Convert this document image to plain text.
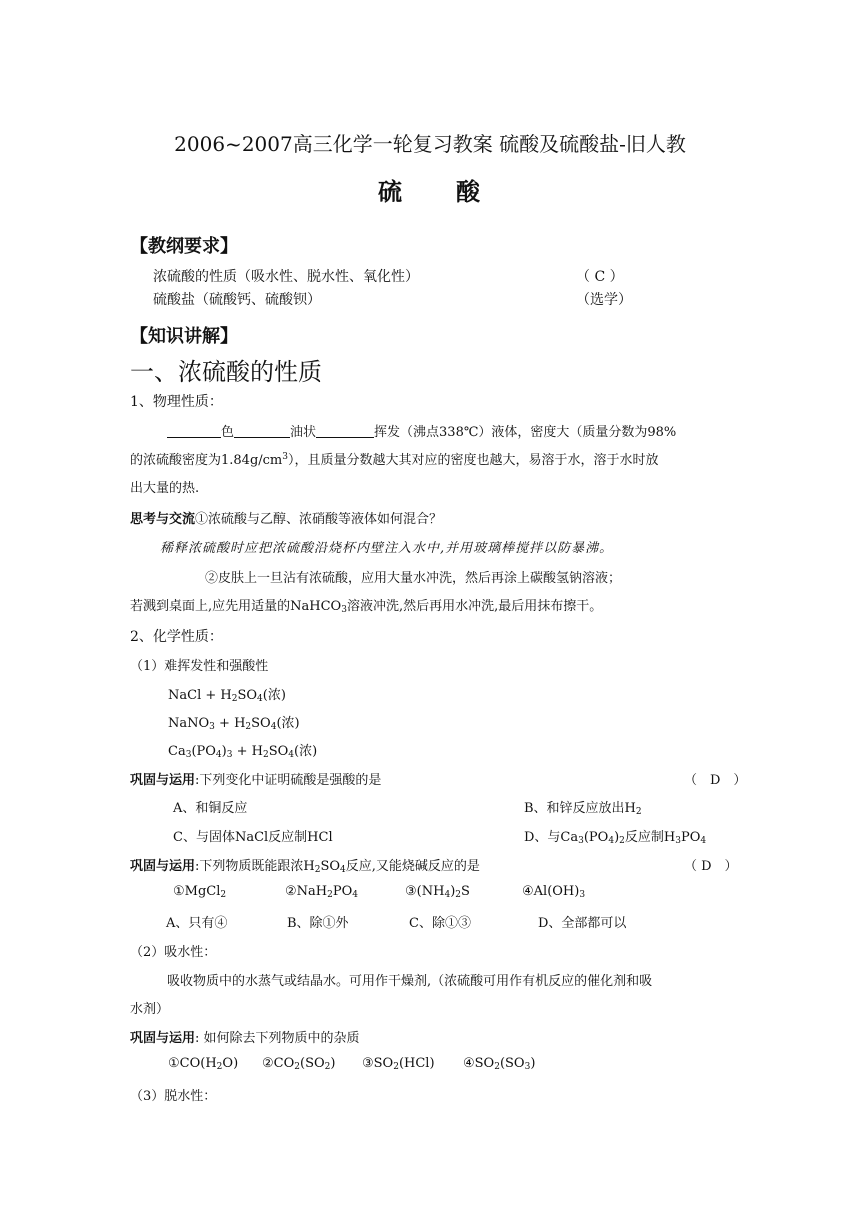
2006~2007高三化学一轮复习教案 硫酸及硫酸盐-旧人教
硫　　酸
【教纲要求】
浓硫酸的性质（吸水性、脱水性、氧化性）	（ C ）
硫酸盐（硫酸钙、硫酸钡）	（选学）
【知识讲解】
一、浓硫酸的性质
1、物理性质：
色	油状	挥发（沸点338℃）液体，密度大（质量分数为98%
的浓硫酸密度为$1.84g/cm^3$），且质量分数越大其对应的密度也越大，易溶于水，溶于水时放
出大量的热.
思考与交流①浓硫酸与乙醇、浓硝酸等液体如何混合？
稀释浓硫酸时应把浓硫酸沿烧杯内壁注入水中,并用玻璃棒搅拌以防暴沸。
②皮肤上一旦沾有浓硫酸，应用大量水冲洗，然后再涂上碳酸氢钠溶液；
若溅到桌面上,应先用适量的NaHCO$_3$溶液冲洗,然后再用水冲洗,最后用抹布擦干。
2、化学性质：
（1）难挥发性和强酸性
NaCl + $H_2SO_4$(浓)
NaNO$_3$ + $H_2SO_4$(浓)
$Ca_3(PO_4)_3 + H_2SO_4$(浓)
巩固与运用:下列变化中证明硫酸是强酸的是	（　D　）
A、和铜反应	B、和锌反应放出$H_2$
C、与固体NaCl反应制HCl	D、与$Ca_3(PO_4)_2$反应制$H_3PO_4$
巩固与运用:下列物质既能跟浓$H_2SO_4$反应,又能烧碱反应的是	（ D　）
①MgCl$_2$	$②NaH_2PO_4$	$③(NH_4)_2S$	$④Al(OH)_3$
A、只有④	B、除①外	C、除①③	D、全部都可以
（2）吸水性：
吸收物质中的水蒸气或结晶水。可用作干燥剂,（浓硫酸可用作有机反应的催化剂和吸
水剂）
巩固与运用: 如何除去下列物质中的杂质
$①CO(H_2O)$ $②CO_2(SO_2)$ $③SO_2(HCl)$ $④SO_2(SO_3)$
（3）脱水性：
